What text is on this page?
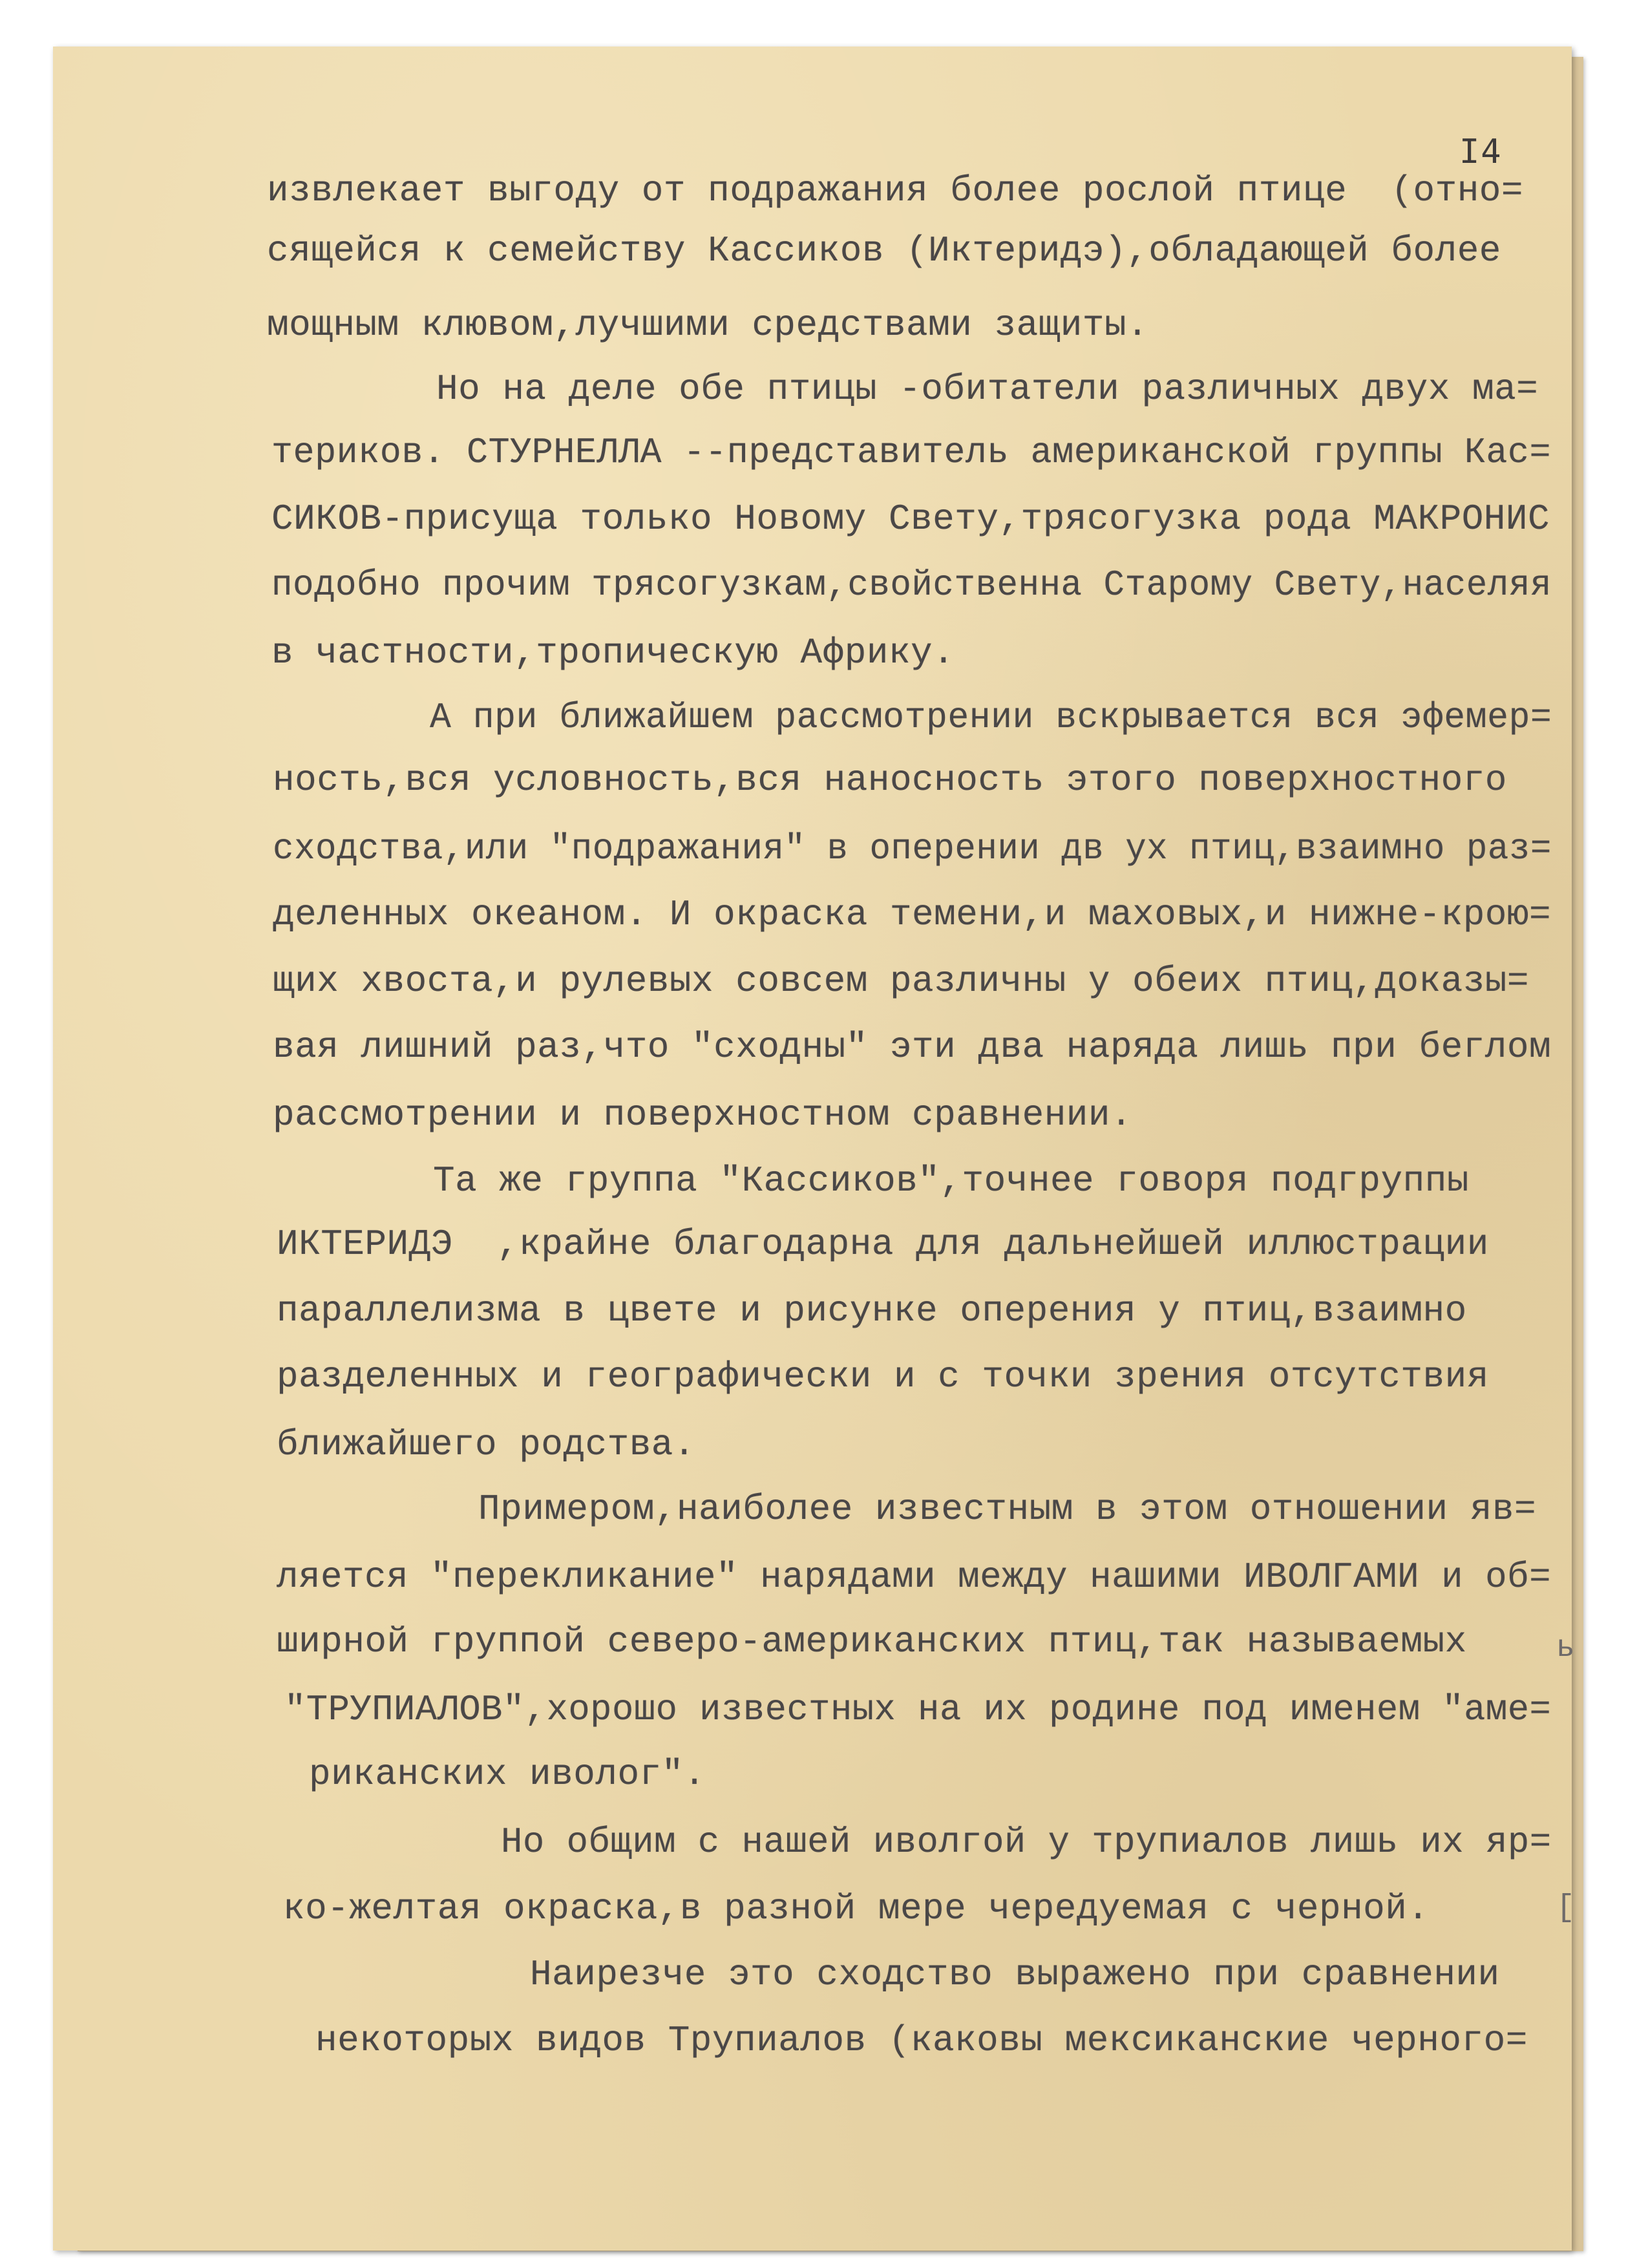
I4
извлекает выгоду от подражания более рослой птице  (отно=
сящейся к семейству Кассиков (Иктеридэ),обладающей более
мощным клювом,лучшими средствами защиты.
Но на деле обе птицы -обитатели различных двух ма=
териков. СТУРНЕЛЛА --представитель американской группы Кас=
СИКОВ-присуща только Новому Свету,трясогузка рода МАКРОНИС
подобно прочим трясогузкам,свойственна Старому Свету,населяя
в частности,тропическую Африку.
А при ближайшем рассмотрении вскрывается вся эфемер=
ность,вся условность,вся наносность этого поверхностного
сходства,или "подражания" в оперении дв ух птиц,взаимно раз=
деленных океаном. И окраска темени,и маховых,и нижне-крою=
щих хвоста,и рулевых совсем различны у обеих птиц,доказы=
вая лишний раз,что "сходны" эти два наряда лишь при беглом
рассмотрении и поверхностном сравнении.
Та же группа "Кассиков",точнее говоря подгруппы
ИКТЕРИДЭ  ,крайне благодарна для дальнейшей иллюстрации
параллелизма в цвете и рисунке оперения у птиц,взаимно
разделенных и географически и с точки зрения отсутствия
ближайшего родства.
Примером,наиболее известным в этом отношении яв=
ляется "перекликание" нарядами между нашими ИВОЛГАМИ и об=
ширной группой северо-американских птиц,так называемых
"ТРУПИАЛОВ",хорошо известных на их родине под именем "аме=
риканских иволог".
Но общим с нашей иволгой у трупиалов лишь их яр=
ко-желтая окраска,в разной мере чередуемая с черной.
Наирезче это сходство выражено при сравнении
некоторых видов Трупиалов (каковы мексиканские черного=
ь
[
